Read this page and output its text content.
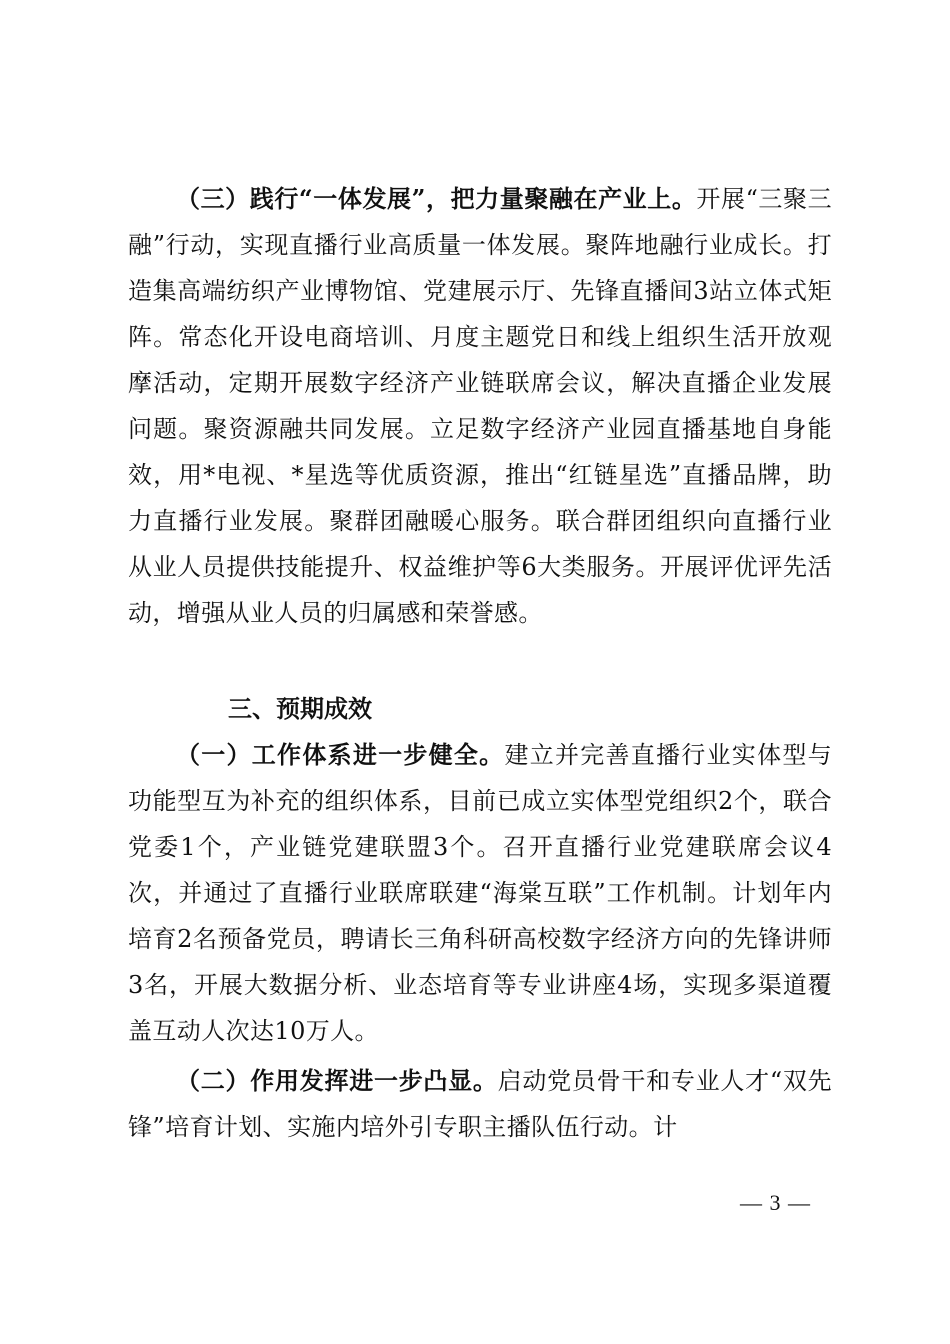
（三）践行“一体发展”，把力量聚融在产业上。开展“三聚三融”行动，实现直播行业高质量一体发展。聚阵地融行业成长。打造集高端纺织产业博物馆、党建展示厅、先锋直播间3站立体式矩阵。常态化开设电商培训、月度主题党日和线上组织生活开放观摩活动，定期开展数字经济产业链联席会议，解决直播企业发展问题。聚资源融共同发展。立足数字经济产业园直播基地自身能效，用*电视、*星选等优质资源，推出“红链星选”直播品牌，助力直播行业发展。聚群团融暖心服务。联合群团组织向直播行业从业人员提供技能提升、权益维护等6大类服务。开展评优评先活动，增强从业人员的归属感和荣誉感。

三、预期成效

（一）工作体系进一步健全。建立并完善直播行业实体型与功能型互为补充的组织体系，目前已成立实体型党组织2个，联合党委1个，产业链党建联盟3个。召开直播行业党建联席会议4次，并通过了直播行业联席联建“海棠互联”工作机制。计划年内培育2名预备党员，聘请长三角科研高校数字经济方向的先锋讲师3名，开展大数据分析、业态培育等专业讲座4场，实现多渠道覆盖互动人次达10万人。

（二）作用发挥进一步凸显。启动党员骨干和专业人才“双先锋”培育计划、实施内培外引专职主播队伍行动。计

— 3 —
